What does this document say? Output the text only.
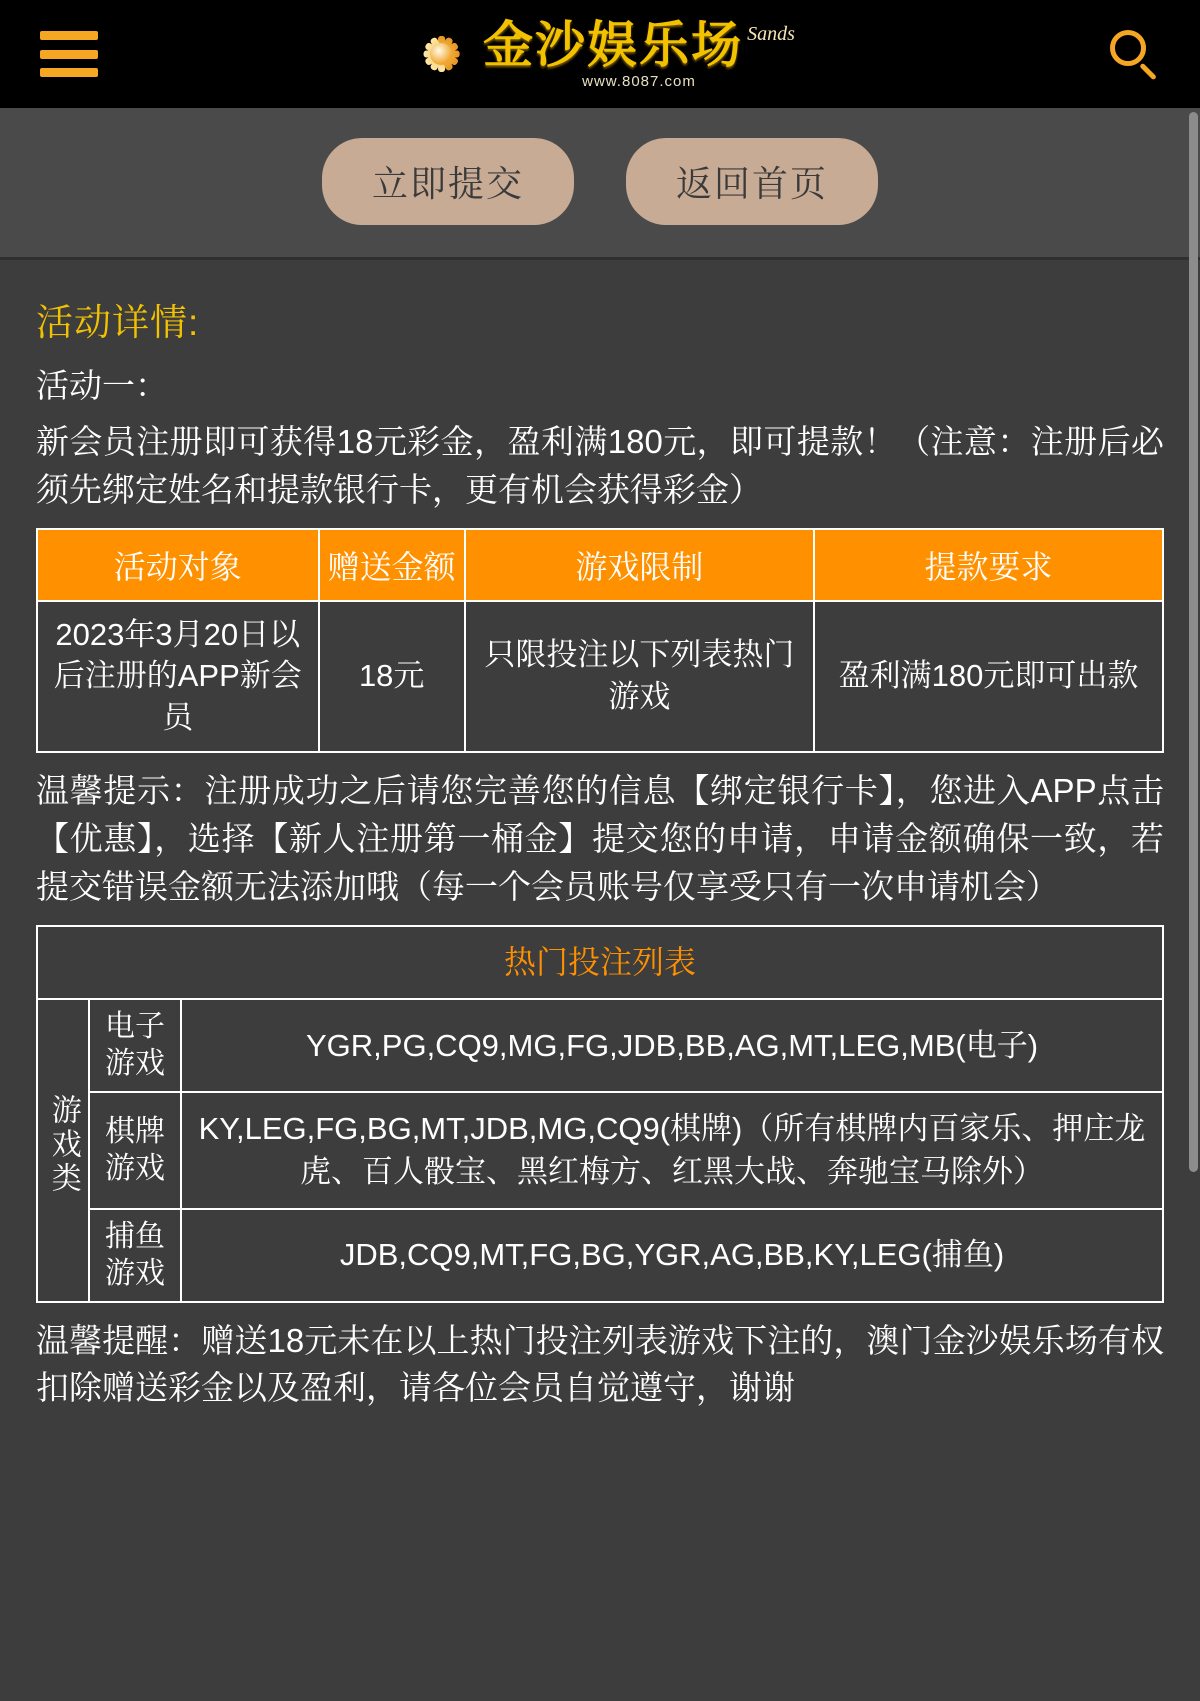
金沙娱乐场 Sands
www.8087.com
立即提交	返回首页
活动详情:
活动一：
新会员注册即可获得18元彩金，盈利满180元，即可提款！（注意：注册后必须先绑定姓名和提款银行卡，更有机会获得彩金）
活动对象	赠送金额	游戏限制	提款要求
2023年3月20日以后注册的APP新会员	18元	只限投注以下列表热门游戏	盈利满180元即可出款
温馨提示：注册成功之后请您完善您的信息【绑定银行卡】，您进入APP点击【优惠】，选择【新人注册第一桶金】提交您的申请，申请金额确保一致，若提交错误金额无法添加哦（每一个会员账号仅享受只有一次申请机会）
热门投注列表		
游戏类	电子游戏	YGR,PG,CQ9,MG,FG,JDB,BB,AG,MT,LEG,MB(电子)
	棋牌游戏	KY,LEG,FG,BG,MT,JDB,MG,CQ9(棋牌)（所有棋牌内百家乐、押庄龙虎、百人骰宝、黑红梅方、红黑大战、奔驰宝马除外）
	捕鱼游戏	JDB,CQ9,MT,FG,BG,YGR,AG,BB,KY,LEG(捕鱼)
温馨提醒：赠送18元未在以上热门投注列表游戏下注的，澳门金沙娱乐场有权扣除赠送彩金以及盈利，请各位会员自觉遵守，谢谢
